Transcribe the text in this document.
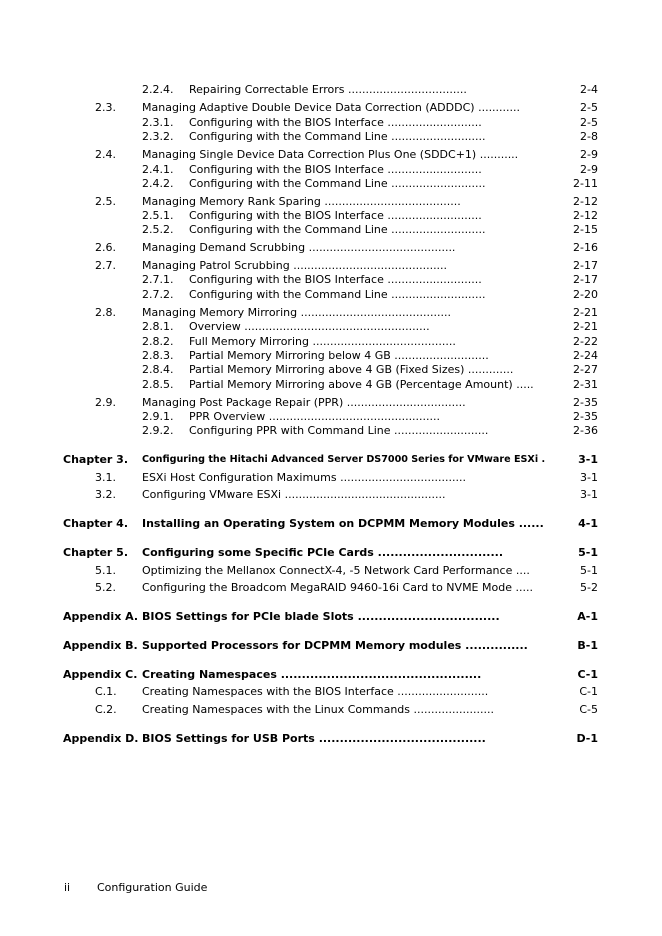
2.2.4. Repairing Correctable Errors ..................................	2-4
2.3. Managing Adaptive Double Device Data Correction (ADDDC) ............	2-5
2.3.1. Configuring with the BIOS Interface ...........................	2-5
2.3.2. Configuring with the Command Line ...........................	2-8
2.4. Managing Single Device Data Correction Plus One (SDDC+1) ...........	2-9
2.4.1. Configuring with the BIOS Interface ...........................	2-9
2.4.2. Configuring with the Command Line ...........................	2-11
2.5. Managing Memory Rank Sparing .......................................	2-12
2.5.1. Configuring with the BIOS Interface ...........................	2-12
2.5.2. Configuring with the Command Line ...........................	2-15
2.6. Managing Demand Scrubbing ..........................................	2-16
2.7. Managing Patrol Scrubbing ............................................	2-17
2.7.1. Configuring with the BIOS Interface ...........................	2-17
2.7.2. Configuring with the Command Line ...........................	2-20
2.8. Managing Memory Mirroring ...........................................	2-21
2.8.1. Overview .....................................................	2-21
2.8.2. Full Memory Mirroring .........................................	2-22
2.8.3. Partial Memory Mirroring below 4 GB ...........................	2-24
2.8.4. Partial Memory Mirroring above 4 GB (Fixed Sizes) .............	2-27
2.8.5. Partial Memory Mirroring above 4 GB (Percentage Amount) .....	2-31
2.9. Managing Post Package Repair (PPR) ..................................	2-35
2.9.1. PPR Overview .................................................	2-35
2.9.2. Configuring PPR with Command Line ...........................	2-36
Chapter 3. Configuring the Hitachi Advanced Server DS7000 Series for VMware ESXi .	3-1
3.1. ESXi Host Configuration Maximums ....................................	3-1
3.2. Configuring VMware ESXi ..............................................	3-1
Chapter 4. Installing an Operating System on DCPMM Memory Modules ......	4-1
Chapter 5. Configuring some Specific PCIe Cards ..............................	5-1
5.1. Optimizing the Mellanox ConnectX-4, -5 Network Card Performance ....	5-1
5.2. Configuring the Broadcom MegaRAID 9460-16i Card to NVME Mode .....	5-2
Appendix A. BIOS Settings for PCIe blade Slots ..................................	A-1
Appendix B. Supported Processors for DCPMM Memory modules ...............	B-1
Appendix C. Creating Namespaces ................................................	C-1
C.1. Creating Namespaces with the BIOS Interface ..........................	C-1
C.2. Creating Namespaces with the Linux Commands .......................	C-5
Appendix D. BIOS Settings for USB Ports ........................................	D-1
ii Configuration Guide
